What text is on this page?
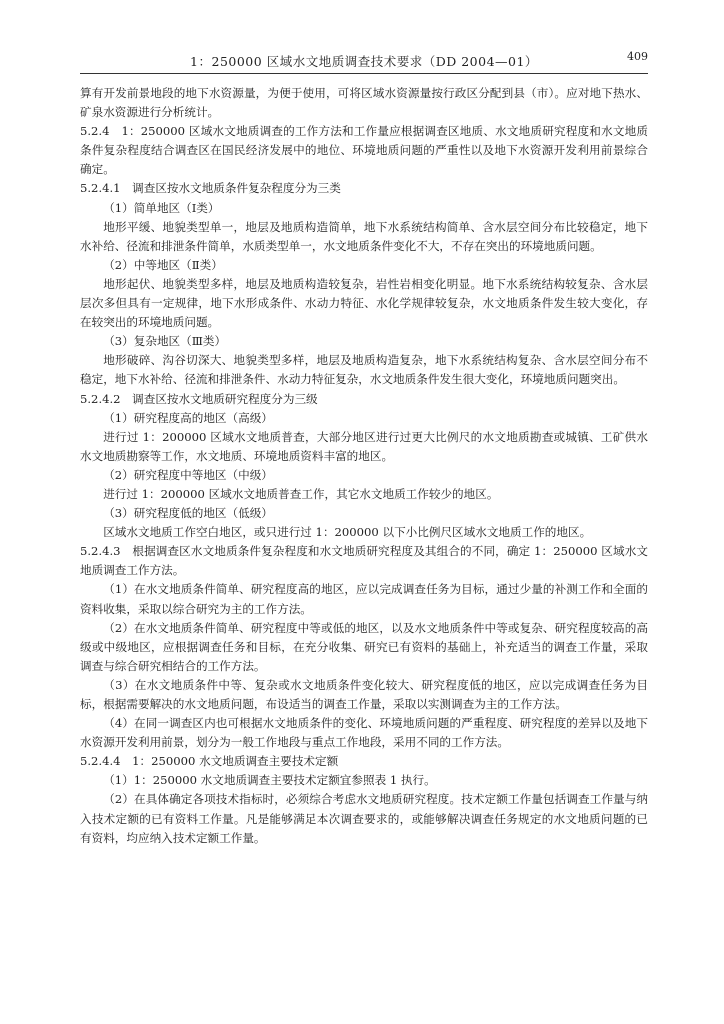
1：250000 区域水文地质调查技术要求（DD 2004—01）	409

算有开发前景地段的地下水资源量，为便于使用，可将区域水资源量按行政区分配到县（市）。应对地下热水、矿泉水资源进行分析统计。

5.2.4　1：250000 区域水文地质调查的工作方法和工作量应根据调查区地质、水文地质研究程度和水文地质条件复杂程度结合调查区在国民经济发展中的地位、环境地质问题的严重性以及地下水资源开发利用前景综合确定。

5.2.4.1　调查区按水文地质条件复杂程度分为三类

（1）简单地区（Ⅰ类）

地形平缓、地貌类型单一，地层及地质构造简单，地下水系统结构简单、含水层空间分布比较稳定，地下水补给、径流和排泄条件简单，水质类型单一，水文地质条件变化不大，不存在突出的环境地质问题。

（2）中等地区（Ⅱ类）

地形起伏、地貌类型多样，地层及地质构造较复杂，岩性岩相变化明显。地下水系统结构较复杂、含水层层次多但具有一定规律，地下水形成条件、水动力特征、水化学规律较复杂，水文地质条件发生较大变化，存在较突出的环境地质问题。

（3）复杂地区（Ⅲ类）

地形破碎、沟谷切深大、地貌类型多样，地层及地质构造复杂，地下水系统结构复杂、含水层空间分布不稳定，地下水补给、径流和排泄条件、水动力特征复杂，水文地质条件发生很大变化，环境地质问题突出。

5.2.4.2　调查区按水文地质研究程度分为三级

（1）研究程度高的地区（高级）

进行过 1：200000 区域水文地质普查，大部分地区进行过更大比例尺的水文地质勘查或城镇、工矿供水水文地质勘察等工作，水文地质、环境地质资料丰富的地区。

（2）研究程度中等地区（中级）

进行过 1：200000 区域水文地质普查工作，其它水文地质工作较少的地区。

（3）研究程度低的地区（低级）

区域水文地质工作空白地区，或只进行过 1：200000 以下小比例尺区域水文地质工作的地区。

5.2.4.3　根据调查区水文地质条件复杂程度和水文地质研究程度及其组合的不同，确定 1：250000 区域水文地质调查工作方法。

（1）在水文地质条件简单、研究程度高的地区，应以完成调查任务为目标，通过少量的补测工作和全面的资料收集，采取以综合研究为主的工作方法。

（2）在水文地质条件简单、研究程度中等或低的地区，以及水文地质条件中等或复杂、研究程度较高的高级或中级地区，应根据调查任务和目标，在充分收集、研究已有资料的基础上，补充适当的调查工作量，采取调查与综合研究相结合的工作方法。

（3）在水文地质条件中等、复杂或水文地质条件变化较大、研究程度低的地区，应以完成调查任务为目标，根据需要解决的水文地质问题，布设适当的调查工作量，采取以实测调查为主的工作方法。

（4）在同一调查区内也可根据水文地质条件的变化、环境地质问题的严重程度、研究程度的差异以及地下水资源开发利用前景，划分为一般工作地段与重点工作地段，采用不同的工作方法。

5.2.4.4　1：250000 水文地质调查主要技术定额

（1）1：250000 水文地质调查主要技术定额宜参照表 1 执行。

（2）在具体确定各项技术指标时，必须综合考虑水文地质研究程度。技术定额工作量包括调查工作量与纳入技术定额的已有资料工作量。凡是能够满足本次调查要求的，或能够解决调查任务规定的水文地质问题的已有资料，均应纳入技术定额工作量。
